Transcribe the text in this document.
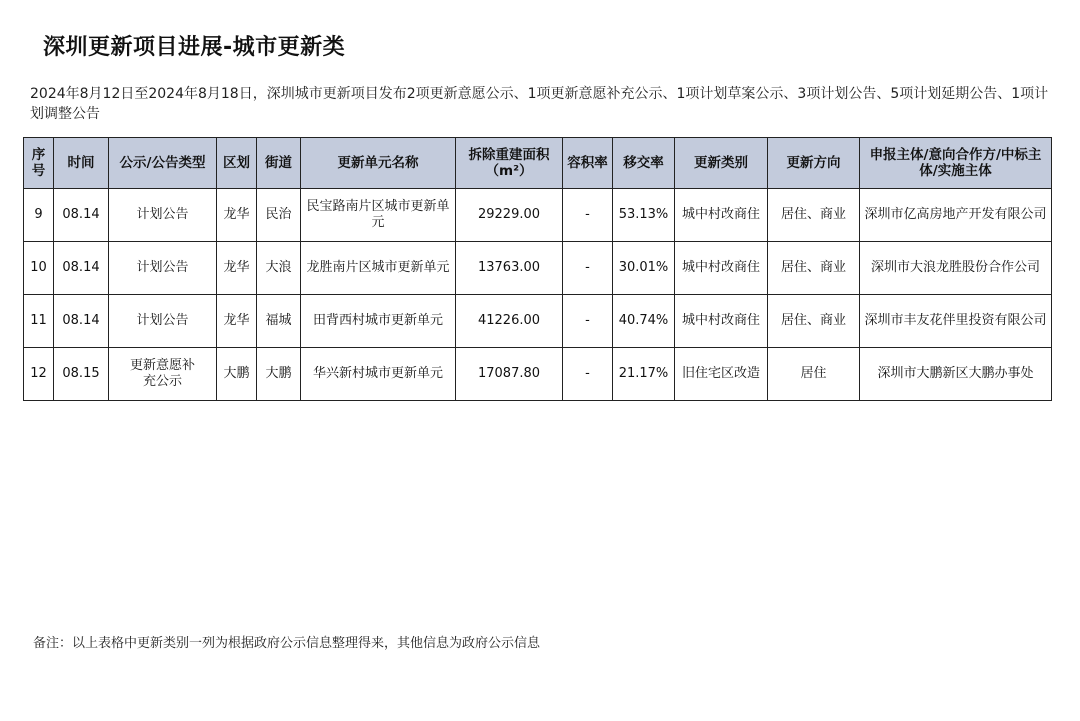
深圳更新项目进展-城市更新类
2024年8月12日至2024年8月18日，深圳城市更新项目发布2项更新意愿公示、1项更新意愿补充公示、1项计划草案公示、3项计划公告、5项计划延期公告、1项计划调整公告
序号	时间	公示/公告类型	区划	街道	更新单元名称	拆除重建面积（m²）	容积率	移交率	更新类别	更新方向	申报主体/意向合作方/中标主体/实施主体
9	08.14	计划公告	龙华	民治	民宝路南片区城市更新单元	29229.00	-	53.13%	城中村改商住	居住、商业	深圳市亿高房地产开发有限公司
10	08.14	计划公告	龙华	大浪	龙胜南片区城市更新单元	13763.00	-	30.01%	城中村改商住	居住、商业	深圳市大浪龙胜股份合作公司
11	08.14	计划公告	龙华	福城	田背西村城市更新单元	41226.00	-	40.74%	城中村改商住	居住、商业	深圳市丰友花伴里投资有限公司
12	08.15	更新意愿补充公示	大鹏	大鹏	华兴新村城市更新单元	17087.80	-	21.17%	旧住宅区改造	居住	深圳市大鹏新区大鹏办事处
备注：以上表格中更新类别一列为根据政府公示信息整理得来，其他信息为政府公示信息
